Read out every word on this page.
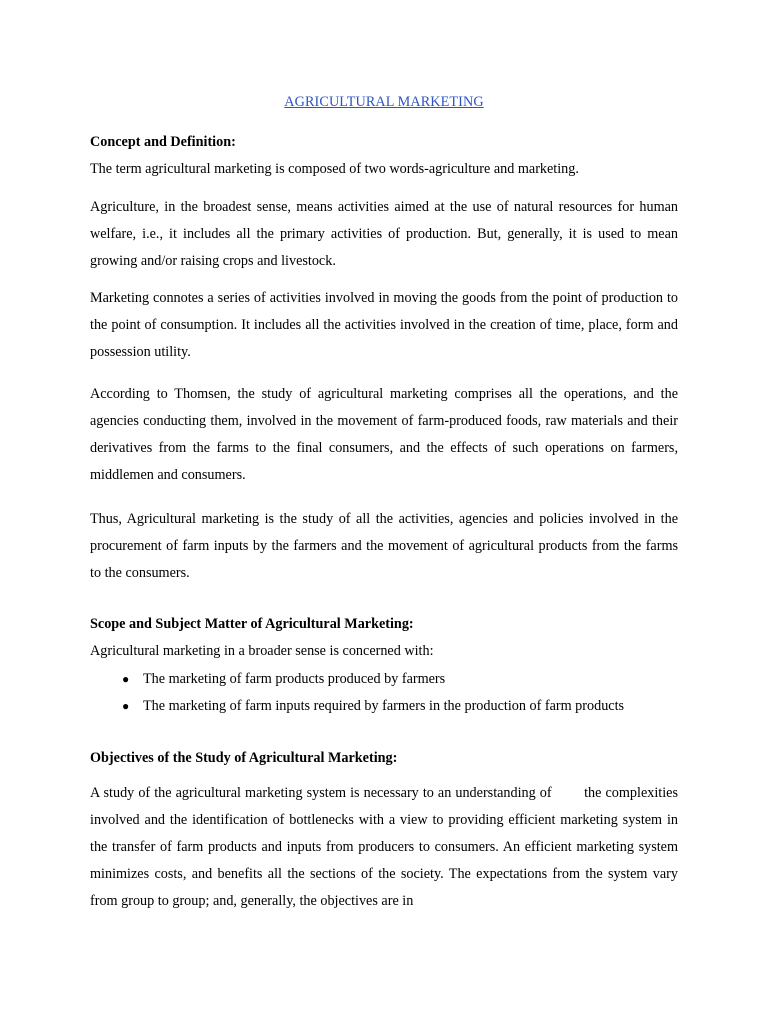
AGRICULTURAL MARKETING
Concept and Definition:
The term agricultural marketing is composed of two words-agriculture and marketing.
Agriculture, in the broadest sense, means activities aimed at the use of natural resources for human welfare, i.e., it includes all the primary activities of production. But, generally, it is used to mean growing and/or raising crops and livestock.
Marketing connotes a series of activities involved in moving the goods from the point of production to the point of consumption. It includes all the activities involved in the creation of time, place, form and possession utility.
According to Thomsen, the study of agricultural marketing comprises all the operations, and the agencies conducting them, involved in the movement of farm-produced foods, raw materials and their derivatives from the farms to the final consumers, and the effects of such operations on farmers, middlemen and consumers.
Thus, Agricultural marketing is the study of all the activities, agencies and policies involved in the procurement of farm inputs by the farmers and the movement of agricultural products from the farms to the consumers.
Scope and Subject Matter of Agricultural Marketing:
Agricultural marketing in a broader sense is concerned with:
● The marketing of farm products produced by farmers
● The marketing of farm inputs required by farmers in the production of farm products
Objectives of the Study of Agricultural Marketing:
A study of the agricultural marketing system is necessary to an understanding of        the complexities involved and the identification of bottlenecks with a view to providing efficient marketing system in the transfer of farm products and inputs from producers to consumers. An efficient marketing system minimizes costs, and benefits all the sections of the society. The expectations from the system vary from group to group; and, generally, the objectives are in
